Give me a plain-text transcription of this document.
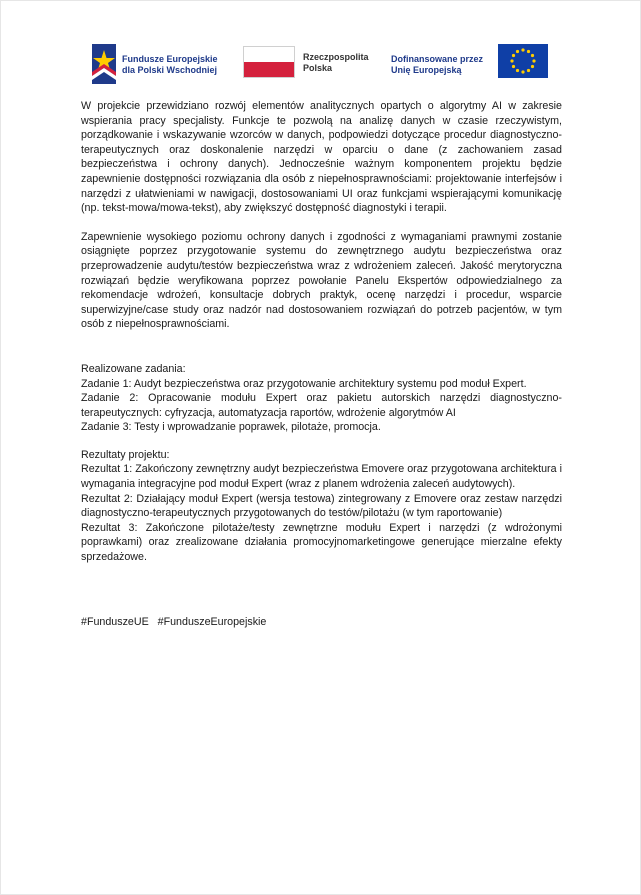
Fundusze Europejskie
dla Polski Wschodniej
Rzeczpospolita
Polska
Dofinansowane przez
Unię Europejską

W projekcie przewidziano rozwój elementów analitycznych opartych o algorytmy AI w zakresie wspierania pracy specjalisty. Funkcje te pozwolą na analizę danych w czasie rzeczywistym, porządkowanie i wskazywanie wzorców w danych, podpowiedzi dotyczące procedur diagnostyczno-terapeutycznych oraz doskonalenie narzędzi w oparciu o dane (z zachowaniem zasad bezpieczeństwa i ochrony danych). Jednocześnie ważnym komponentem projektu będzie zapewnienie dostępności rozwiązania dla osób z niepełnosprawnościami: projektowanie interfejsów i narzędzi z ułatwieniami w nawigacji, dostosowaniami UI oraz funkcjami wspierającymi komunikację (np. tekst-mowa/mowa-tekst), aby zwiększyć dostępność diagnostyki i terapii.

Zapewnienie wysokiego poziomu ochrony danych i zgodności z wymaganiami prawnymi zostanie osiągnięte poprzez przygotowanie systemu do zewnętrznego audytu bezpieczeństwa oraz przeprowadzenie audytu/testów bezpieczeństwa wraz z wdrożeniem zaleceń. Jakość merytoryczna rozwiązań będzie weryfikowana poprzez powołanie Panelu Ekspertów odpowiedzialnego za rekomendacje wdrożeń, konsultacje dobrych praktyk, ocenę narzędzi i procedur, wsparcie superwizyjne/case study oraz nadzór nad dostosowaniem rozwiązań do potrzeb pacjentów, w tym osób z niepełnosprawnościami.

Realizowane zadania:

Zadanie 1: Audyt bezpieczeństwa oraz przygotowanie architektury systemu pod moduł Expert.

Zadanie 2: Opracowanie modułu Expert oraz pakietu autorskich narzędzi diagnostyczno-terapeutycznych: cyfryzacja, automatyzacja raportów, wdrożenie algorytmów AI

Zadanie 3: Testy i wprowadzanie poprawek, pilotaże, promocja.

Rezultaty projektu:

Rezultat 1: Zakończony zewnętrzny audyt bezpieczeństwa Emovere oraz przygotowana architektura i wymagania integracyjne pod moduł Expert (wraz z planem wdrożenia zaleceń audytowych).

Rezultat 2: Działający moduł Expert (wersja testowa) zintegrowany z Emovere oraz zestaw narzędzi diagnostyczno-terapeutycznych przygotowanych do testów/pilotażu (w tym raportowanie)

Rezultat 3: Zakończone pilotaże/testy zewnętrzne modułu Expert i narzędzi (z wdrożonymi poprawkami) oraz zrealizowane działania promocyjnomarketingowe generujące mierzalne efekty sprzedażowe.

#FunduszeUE   #FunduszeEuropejskie
